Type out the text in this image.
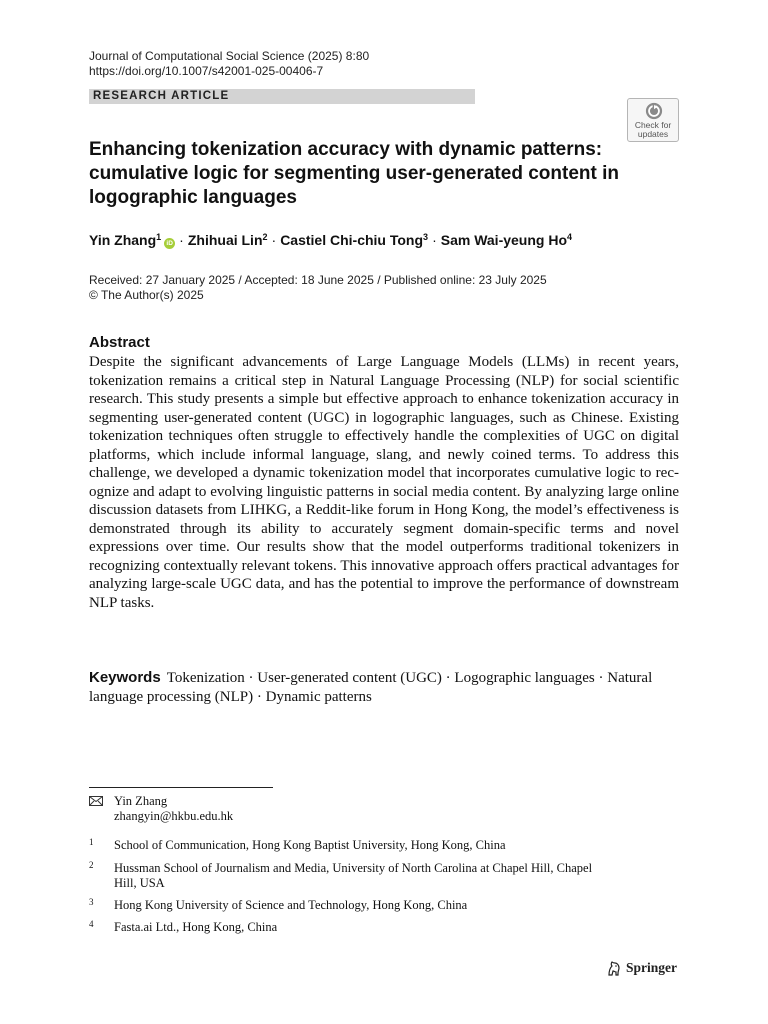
Journal of Computational Social Science (2025) 8:80
https://doi.org/10.1007/s42001-025-00406-7
RESEARCH ARTICLE
Check for updates
Enhancing tokenization accuracy with dynamic patterns: cumulative logic for segmenting user-generated content in logographic languages
Yin Zhang$^1$iD · Zhihuai Lin$^2$ · Castiel Chi-chiu Tong$^3$ · Sam Wai-yeung Ho$^4$
Received: 27 January 2025 / Accepted: 18 June 2025 / Published online: 23 July 2025
© The Author(s) 2025
Abstract
Despite the significant advancements of Large Language Models (LLMs) in recent years, tokenization remains a critical step in Natural Language Processing (NLP) for social scientific research. This study presents a simple but effective approach to enhance tokenization accuracy in segmenting user-generated content (UGC) in logographic languages, such as Chinese. Existing tokenization techniques often struggle to effectively handle the complexities of UGC on digital platforms, which include informal language, slang, and newly coined terms. To address this challenge, we developed a dynamic tokenization model that incorporates cumulative logic to recognize and adapt to evolving linguistic patterns in social media content. By analyzing large online discussion datasets from LIHKG, a Reddit-like forum in Hong Kong, the model’s effectiveness is demonstrated through its ability to accurately segment domain-specific terms and novel expressions over time. Our results show that the model outperforms traditional tokenizers in recognizing contextually relevant tokens. This innovative approach offers practical advantages for analyzing large-scale UGC data, and has the potential to improve the performance of downstream NLP tasks.
Keywords Tokenization · User-generated content (UGC) · Logographic languages · Natural language processing (NLP) · Dynamic patterns
Yin Zhang
zhangyin@hkbu.edu.hk
1 School of Communication, Hong Kong Baptist University, Hong Kong, China
2 Hussman School of Journalism and Media, University of North Carolina at Chapel Hill, Chapel Hill, USA
3 Hong Kong University of Science and Technology, Hong Kong, China
4 Fasta.ai Ltd., Hong Kong, China
Springer
